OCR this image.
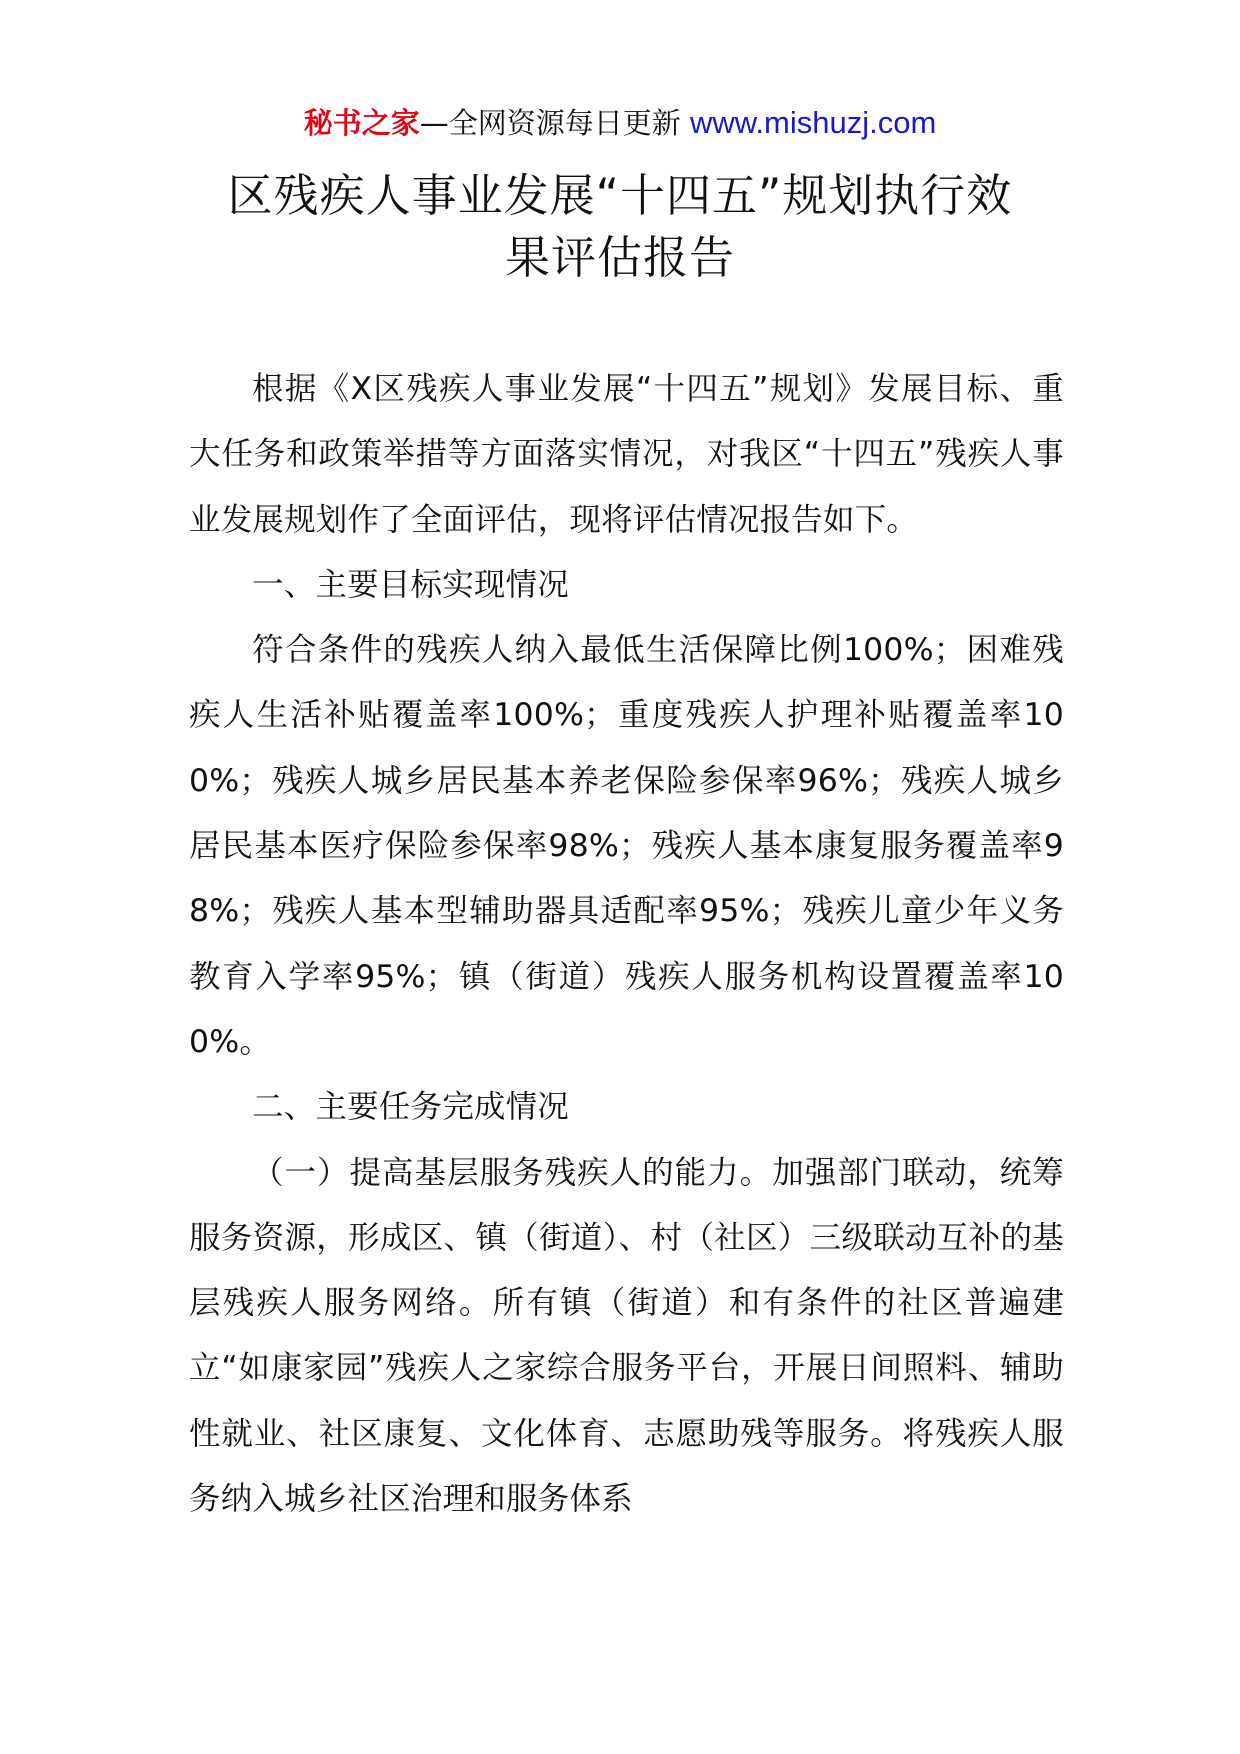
秘书之家—全网资源每日更新 www.mishuzj.com
区残疾人事业发展“十四五”规划执行效
果评估报告

根据《X区残疾人事业发展“十四五”规划》发展目标、重大任务和政策举措等方面落实情况，对我区“十四五”残疾人事业发展规划作了全面评估，现将评估情况报告如下。

一、主要目标实现情况

符合条件的残疾人纳入最低生活保障比例100%；困难残疾人生活补贴覆盖率100%；重度残疾人护理补贴覆盖率100%；残疾人城乡居民基本养老保险参保率96%；残疾人城乡居民基本医疗保险参保率98%；残疾人基本康复服务覆盖率98%；残疾人基本型辅助器具适配率95%；残疾儿童少年义务教育入学率95%；镇（街道）残疾人服务机构设置覆盖率100%。

二、主要任务完成情况

（一）提高基层服务残疾人的能力。加强部门联动，统筹服务资源，形成区、镇（街道）、村（社区）三级联动互补的基层残疾人服务网络。所有镇（街道）和有条件的社区普遍建立“如康家园”残疾人之家综合服务平台，开展日间照料、辅助性就业、社区康复、文化体育、志愿助残等服务。将残疾人服务纳入城乡社区治理和服务体系
